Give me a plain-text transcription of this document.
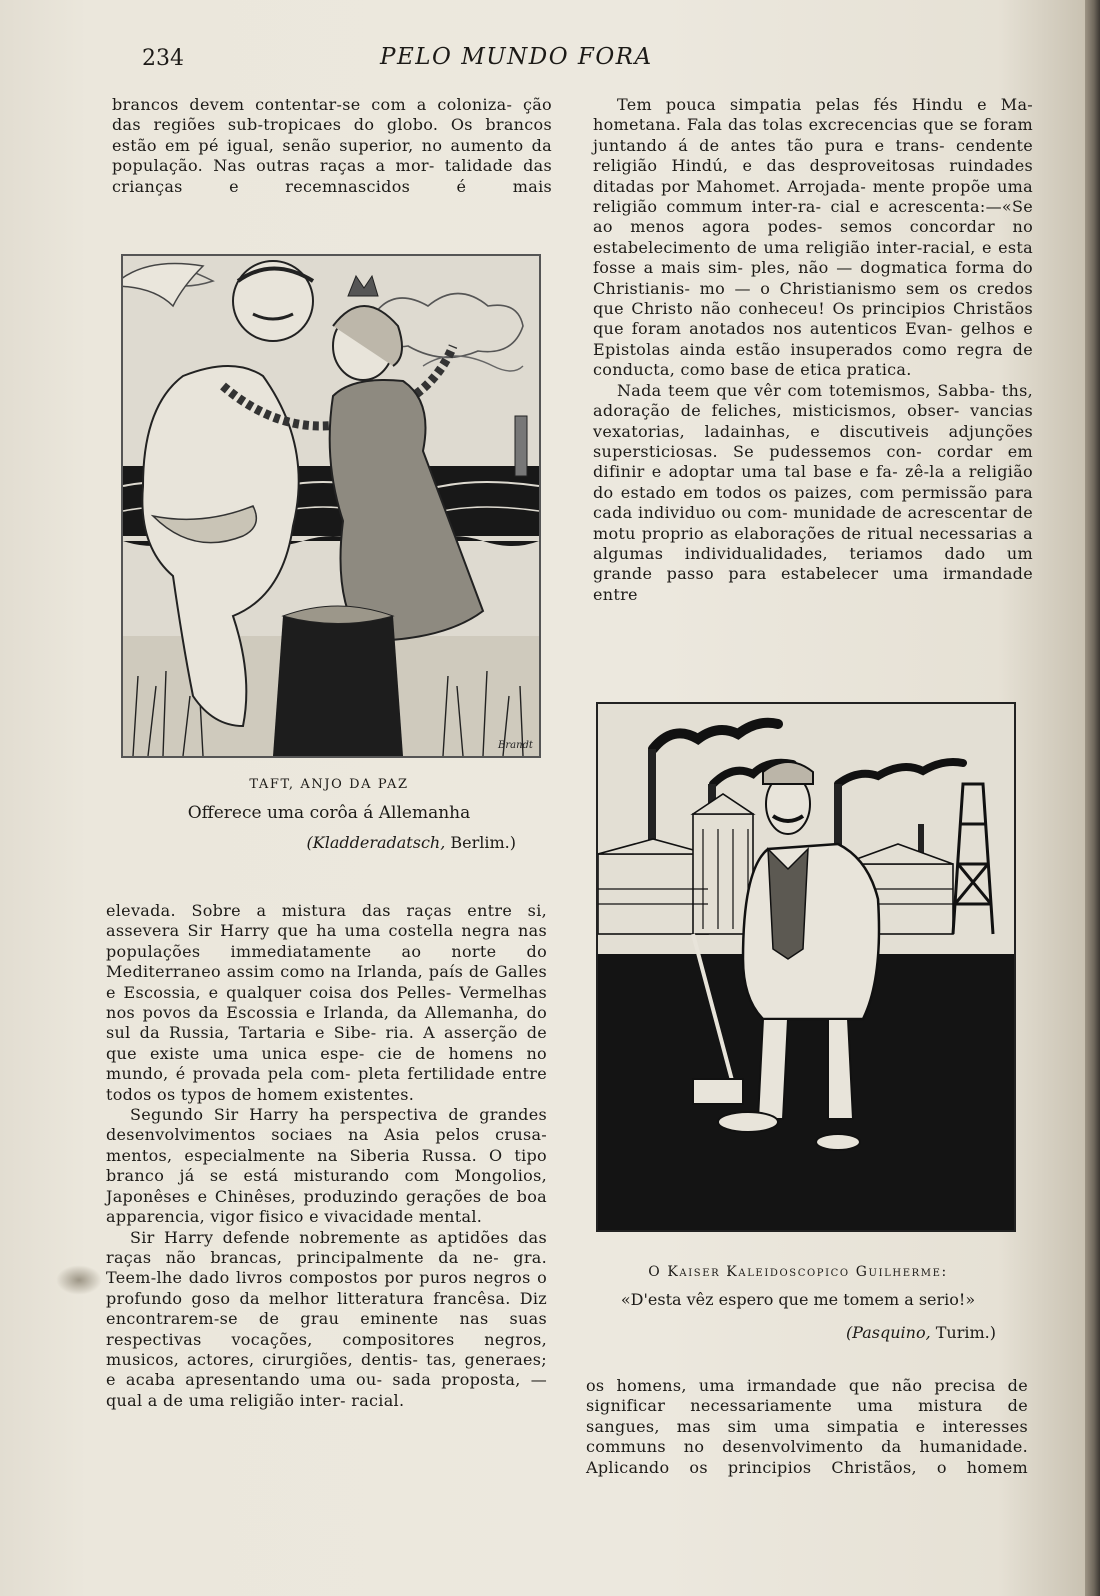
234	PELO MUNDO FORA

brancos devem contentar-se com a coloniza- ção das regiões sub-tropicaes do globo. Os brancos estão em pé igual, senão superior, no aumento da população. Nas outras raças a mor- talidade das crianças e recemnascidos é mais

Tem pouca simpatia pelas fés Hindu e Ma- hometana. Fala das tolas excrecencias que se foram juntando á de antes tão pura e trans- cendente religião Hindú, e das desproveitosas ruindades ditadas por Mahomet. Arrojada- mente propõe uma religião commum inter-ra- cial e acrescenta:—«Se ao menos agora podes- semos concordar no estabelecimento de uma religião inter-racial, e esta fosse a mais sim- ples, não — dogmatica forma do Christianis- mo — o Christianismo sem os credos que Christo não conheceu! Os principios Christãos que foram anotados nos autenticos Evan- gelhos e Epistolas ainda estão insuperados como regra de conducta, como base de etica pratica.

Nada teem que vêr com totemismos, Sabba- ths, adoração de feliches, misticismos, obser- vancias vexatorias, ladainhas, e discutiveis adjunções supersticiosas. Se pudessemos con- cordar em difinir e adoptar uma tal base e fa- zê-la a religião do estado em todos os paizes, com permissão para cada individuo ou com- munidade de acrescentar de motu proprio as elaborações de ritual necessarias a algumas individualidades, teriamos dado um grande passo para estabelecer uma irmandade entre

Brandt
TAFT, ANJO DA PAZ
Offerece uma corôa á Allemanha
(Kladderadatsch, Berlim.)

elevada. Sobre a mistura das raças entre si, assevera Sir Harry que ha uma costella negra nas populações immediatamente ao norte do Mediterraneo assim como na Irlanda, país de Galles e Escossia, e qualquer coisa dos Pelles- Vermelhas nos povos da Escossia e Irlanda, da Allemanha, do sul da Russia, Tartaria e Sibe- ria. A asserção de que existe uma unica espe- cie de homens no mundo, é provada pela com- pleta fertilidade entre todos os typos de homem existentes.

Segundo Sir Harry ha perspectiva de grandes desenvolvimentos sociaes na Asia pelos crusa- mentos, especialmente na Siberia Russa. O tipo branco já se está misturando com Mongolios, Japonêses e Chinêses, produzindo gerações de boa apparencia, vigor fisico e vivacidade mental.

Sir Harry defende nobremente as aptidões das raças não brancas, principalmente da ne- gra. Teem-lhe dado livros compostos por puros negros o profundo goso da melhor litteratura francêsa. Diz encontrarem-se de grau eminente nas suas respectivas vocações, compositores negros, musicos, actores, cirurgiões, dentis- tas, generaes; e acaba apresentando uma ou- sada proposta, — qual a de uma religião inter- racial.

O Kaiser Kaleidoscopico Guilherme:
«D'esta vêz espero que me tomem a serio!»
(Pasquino, Turim.)

os homens, uma irmandade que não precisa de significar necessariamente uma mistura de sangues, mas sim uma simpatia e interesses communs no desenvolvimento da humanidade. Aplicando os principios Christãos, o homem
